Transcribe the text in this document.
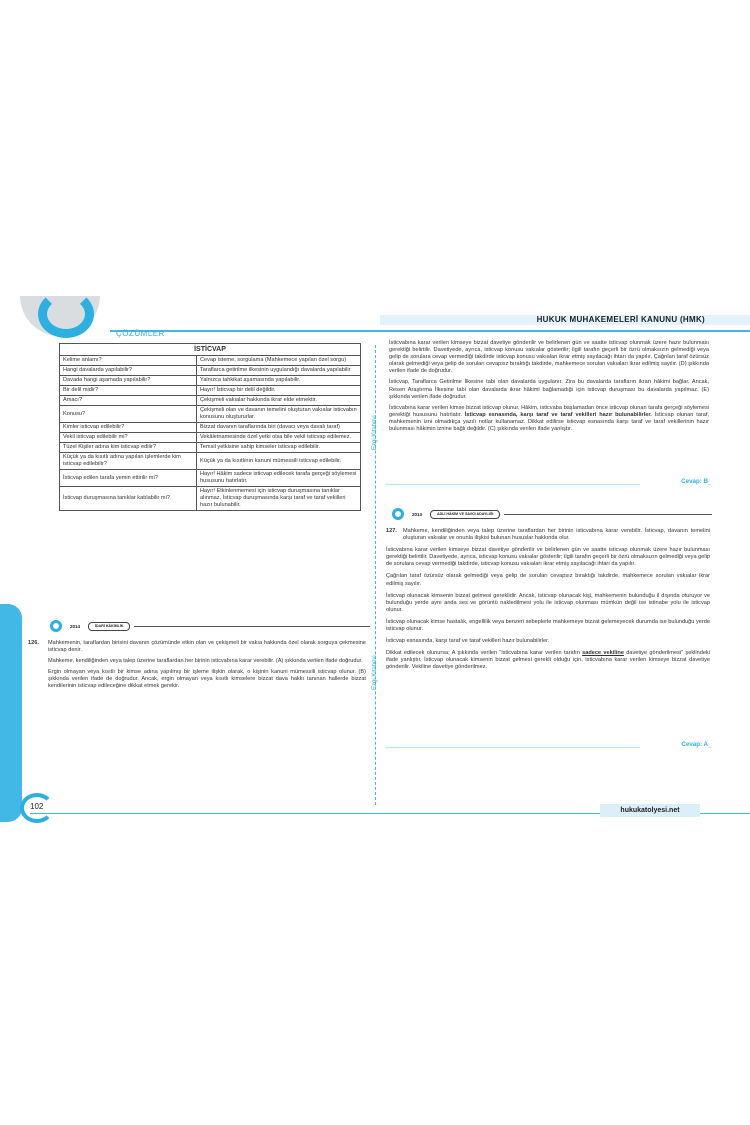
HUKUK MUHAKEMELERİ KANUNU (HMK)
ÇÖZÜMLER
İSTİCVAP	
Kelime anlamı?	Cevap isteme, sorgulama (Mahkemece yapılan özel sorgu)
Hangi davalarda yapılabilir?	Taraflarca getirilme ilkesinin uygulandığı davalarda yapılabilir
Davada hangi aşamada yapılabilir?	Yalnızca tahkikat aşamasında yapılabilir.
Bir delil midir?	Hayır! İsticvap bir delil değildir.
Amacı?	Çekişmeli vakıalar hakkında ikrar elde etmektir.
Konusu?	Çekişmeli olan ve davanın temelini oluşturan vakıalar isticvabın konusunu oluştururlar.
Kimler isticvap edilebilir?	Bizzat davanın taraflarında biri (davacı veya davalı taraf)
Vekil isticvap edilebilir mi?	Vekâletnamesinde özel yetki olsa bile vekil isticvap edilemez.
Tüzel Kişiler adına kim isticvap edilir?	Temsil yetkisine sahip kimseler isticvap edilebilir.
Küçük ya da kısıtlı adına yapılan işlemlerde kim isticvap edilebilir?	Küçük ya da kısıtlının kanuni mümessili isticvap edilebilir.
İsticvap edilen tarafa yemin ettirilir mi?	Hayır! Hâkim sadece isticvap edilecek tarafa gerçeği söylemesi hususunu hatırlatır.
İsticvap duruşmasına tanıklar katılabilir mi?	Hayır! Etkinlenmemesi için isticvap duruşmasına tanıklar alınmaz. İsticvap duruşmasında karşı taraf ve taraf vekilleri hazır bulunabilir.
2014	İDARİ HÂKİMLİK
126.	Mahkemenin, taraflardan birisini davanın çözümünde etkin olan ve çekişmeli bir vakıa hakkında özel olarak sorguya çekmesine isticvap denir.

Mahkeme, kendiliğinden veya talep üzerine taraflardan her birinin isticvabına karar verebilir. (A) şıkkında verilen ifade doğrudur.

Ergin olmayan veya kısıtlı bir kimse adına yapılmış bir işleme ilişkin olarak, o kişinin kanuni mümessili isticvap olunur. (B) şıkkında verilen ifade de doğrudur. Ancak, ergin olmayan veya kısıtlı kimselere bizzat dava hakkı tanınan hallerde bizzat kendilerinin isticvap edileceğine dikkat etmek gerekir.

Ezgi Kitabevi
Ezgi Kitabevi

İsticvabına karar verilen kimseye bizzat davetiye gönderilir ve belirlenen gün ve saatte isticvap olunmak üzere hazır bulunması gerektiği belirtilir. Davetiyede, ayrıca, isticvap konusu vakıalar gösterilir; ilgili tarafın geçerli bir özrü olmaksızın gelmediği veya gelip de sorulara cevap vermediği takdirde isticvap konusu vakıaları ikrar etmiş sayılacağı ihtarı da yapılır. Çağrılan taraf özürsüz olarak gelmediği veya gelip de soruları cevapsız bıraktığı takdirde, mahkemece sorulan vakıaları ikrar edilmiş sayılır. (D) şıkkında verilen ifade de doğrudur.

İsticvap, Taraflarca Getirilme İlkesine tabi olan davalarda uygulanır. Zira bu davalarda tarafların ikrarı hâkimi bağlar. Ancak, Resen Araştırma İlkesine tabi olan davalarda ikrar hâkimi bağlamadığı için isticvap duruşması bu davalarda yapılmaz. (E) şıkkında verilen ifade doğrudur.

İsticvabına karar verilen kimse bizzat isticvap olunur. Hâkim, isticvaba başlamadan önce isticvap olunan tarafa gerçeği söylemesi gerektiği hususunu hatırlatır. İsticvap esnasında, karşı taraf ve taraf vekilleri hazır bulunabilirler. İsticvap olunan taraf, mahkemenin izni olmadıkça yazılı notlar kullanamaz. Dikkat edilirse isticvap esnasında karşı taraf ve taraf vekillerinin hazır bulunması hâkimin iznine bağlı değildir. (C) şıkkında verilen ifade yanlıştır.

Cevap: B
2013	ADLİ HÂKİM VE SAVCI ADAYLIĞI
127.	Mahkeme, kendiliğinden veya talep üzerine taraflardan her birinin isticvabına karar verebilir. İsticvap, davanın temelini oluşturan vakıalar ve onunla ilişkisi bulunan hususlar hakkında olur.

İsticvabına karar verilen kimseye bizzat davetiye gönderilir ve belirlenen gün ve saatte isticvap olunmak üzere hazır bulunması gerektiği belirtilir. Davetiyede, ayrıca, isticvap konusu vakıalar gösterilir; ilgili tarafın geçerli bir özrü olmaksızın gelmediği veya gelip de sorulara cevap vermediği takdirde, isticvap konusu vakıaları ikrar etmiş sayılacağı ihtarı da yapılır.

Çağrılan taraf özürsüz olarak gelmediği veya gelip de soruları cevapsız bıraktığı takdirde, mahkemece sorulan vakıalar ikrar edilmiş sayılır.

İsticvap olunacak kimsenin bizzat gelmesi gereklidir. Ancak, isticvap olunacak kişi, mahkemenin bulunduğu il dışında oturuyor ve bulunduğu yerde aynı anda ses ve görüntü nakledilmesi yolu ile isticvap olunması mümkün değil ise istinabe yolu ile isticvap olunur.

İsticvap olunacak kimse hastalık, engellilik veya benzeri sebeplerle mahkemeye bizzat gelemeyecek durumda ise bulunduğu yerde isticvap olunur.

İsticvap esnasında, karşı taraf ve taraf vekilleri hazır bulunabilirler.

Dikkat edilecek olunursa; A şıkkında verilen "isticvabına karar verilen tarafın sadece vekiline davetiye gönderilmesi" şeklindeki ifade yanlıştır. İsticvap olunacak kimsenin bizzat gelmesi gerekli olduğu için, isticvabına karar verilen kimseye bizzat davetiye gönderilir. Vekiline davetiye gönderilmez.

Cevap: A
102	hukukatolyesi.net
